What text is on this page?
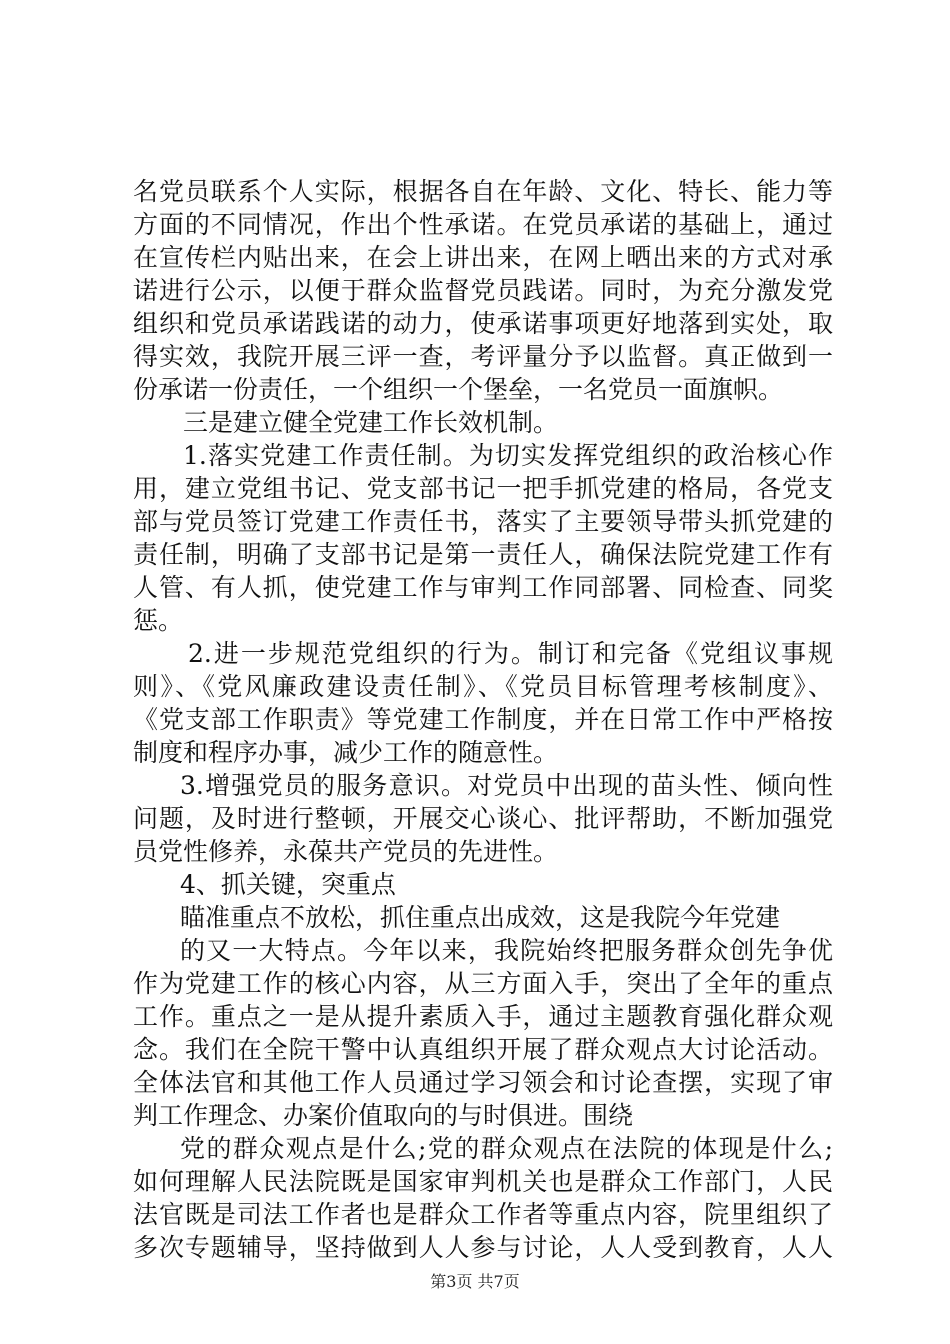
名党员联系个人实际，根据各自在年龄、文化、特长、能力等
方面的不同情况，作出个性承诺。在党员承诺的基础上，通过
在宣传栏内贴出来，在会上讲出来，在网上晒出来的方式对承
诺进行公示，以便于群众监督党员践诺。同时，为充分激发党
组织和党员承诺践诺的动力，使承诺事项更好地落到实处，取
得实效，我院开展三评一查，考评量分予以监督。真正做到一
份承诺一份责任，一个组织一个堡垒，一名党员一面旗帜。
三是建立健全党建工作长效机制。
1.落实党建工作责任制。为切实发挥党组织的政治核心作
用，建立党组书记、党支部书记一把手抓党建的格局，各党支
部与党员签订党建工作责任书，落实了主要领导带头抓党建的
责任制，明确了支部书记是第一责任人，确保法院党建工作有
人管、有人抓，使党建工作与审判工作同部署、同检查、同奖
惩。
2.进一步规范党组织的行为。制订和完备《党组议事规
则》、《党风廉政建设责任制》、《党员目标管理考核制度》、
《党支部工作职责》等党建工作制度，并在日常工作中严格按
制度和程序办事，减少工作的随意性。
3.增强党员的服务意识。对党员中出现的苗头性、倾向性
问题，及时进行整顿，开展交心谈心、批评帮助，不断加强党
员党性修养，永葆共产党员的先进性。
4、抓关键，突重点
瞄准重点不放松，抓住重点出成效，这是我院今年党建
的又一大特点。今年以来，我院始终把服务群众创先争优
作为党建工作的核心内容，从三方面入手，突出了全年的重点
工作。重点之一是从提升素质入手，通过主题教育强化群众观
念。我们在全院干警中认真组织开展了群众观点大讨论活动。
全体法官和其他工作人员通过学习领会和讨论查摆，实现了审
判工作理念、办案价值取向的与时俱进。围绕
党的群众观点是什么;党的群众观点在法院的体现是什么;
如何理解人民法院既是国家审判机关也是群众工作部门，人民
法官既是司法工作者也是群众工作者等重点内容，院里组织了
多次专题辅导，坚持做到人人参与讨论，人人受到教育，人人
第3页 共7页
